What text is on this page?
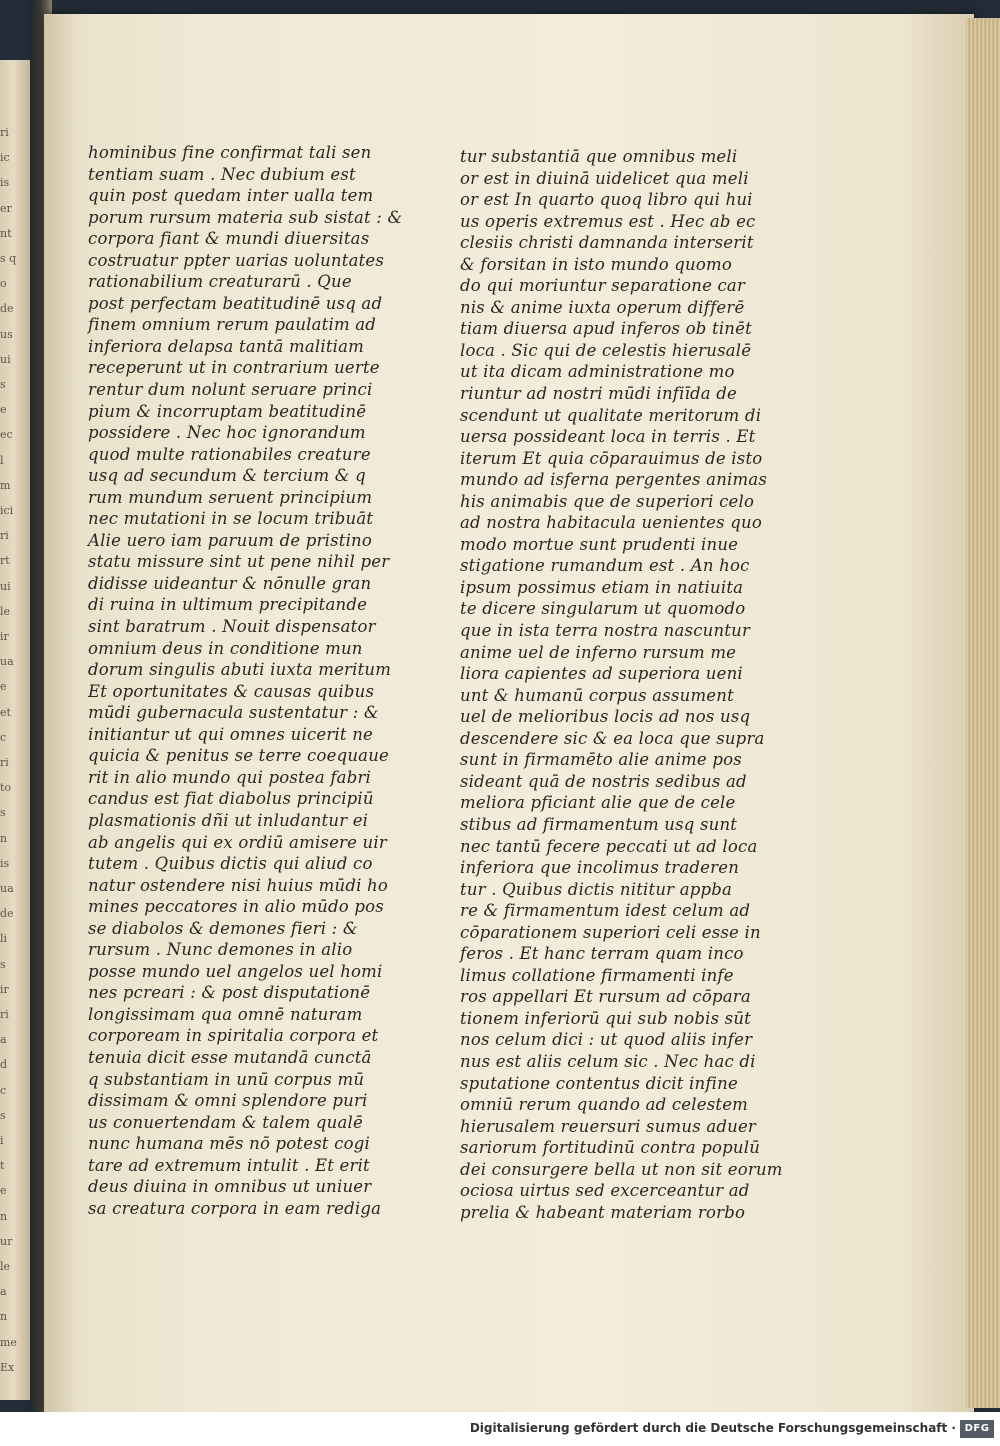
ri
ic
is
er
nt
s q
o
de
us
ui
s
e
ec
l
m
ici
ri
rt
ui
le
ir
ua
e
et
c
ri
to
s
n
is
ua
de
li
s
ir
ri
a
d
c
s
i
t
e
n
ur
le
a
n
me
Ex
hominibus fine confirmat tali sen
tentiam suam . Nec dubium est
quin post quedam inter ualla tem
porum rursum materia sub sistat : &
corpora fiant & mundi diuersitas
costruatur ppter uarias uoluntates
rationabilium creaturarū . Que
post perfectam beatitudinē usq ad
finem omnium rerum paulatim ad
inferiora delapsa tantā malitiam
receperunt ut in contrarium uerte
rentur dum nolunt seruare princi
pium & incorruptam beatitudinē
possidere . Nec hoc ignorandum
quod multe rationabiles creature
usq ad secundum & tercium & q
rum mundum seruent principium
nec mutationi in se locum tribuāt
Alie uero iam paruum de pristino
statu missure sint ut pene nihil per
didisse uideantur & nōnulle gran
di ruina in ultimum precipitande
sint baratrum . Nouit dispensator
omnium deus in conditione mun
dorum singulis abuti iuxta meritum
Et oportunitates & causas quibus
mūdi gubernacula sustentatur : &
initiantur ut qui omnes uicerit ne
quicia & penitus se terre coequaue
rit in alio mundo qui postea fabri
candus est fiat diabolus principiū
plasmationis dñi ut inludantur ei
ab angelis qui ex ordiū amisere uir
tutem . Quibus dictis qui aliud co
natur ostendere nisi huius mūdi ho
mines peccatores in alio mūdo pos
se diabolos & demones fieri : &
rursum . Nunc demones in alio
posse mundo uel angelos uel homi
nes pcreari : & post disputationē
longissimam qua omnē naturam
corpoream in spiritalia corpora et
tenuia dicit esse mutandā cunctā
q substantiam in unū corpus mū
dissimam & omni splendore puri
us conuertendam & talem qualē
nunc humana mēs nō potest cogi
tare ad extremum intulit . Et erit
deus diuina in omnibus ut uniuer
sa creatura corpora in eam rediga
tur substantiā que omnibus meli
or est in diuinā uidelicet qua meli
or est In quarto quoq libro qui hui
us operis extremus est . Hec ab ec
clesiis christi damnanda interserit
& forsitan in isto mundo quomo
do qui moriuntur separatione car
nis & anime iuxta operum differē
tiam diuersa apud inferos ob tinēt
loca . Sic qui de celestis hierusalē
ut ita dicam administratione mo
riuntur ad nostri mūdi infiīda de
scendunt ut qualitate meritorum di
uersa possideant loca in terris . Et
iterum Et quia cōparauimus de isto
mundo ad isferna pergentes animas
his animabis que de superiori celo
ad nostra habitacula uenientes quo
modo mortue sunt prudenti inue
stigatione rumandum est . An hoc
ipsum possimus etiam in natiuita
te dicere singularum ut quomodo
que in ista terra nostra nascuntur
anime uel de inferno rursum me
liora capientes ad superiora ueni
unt & humanū corpus assument
uel de melioribus locis ad nos usq
descendere sic & ea loca que supra
sunt in firmamēto alie anime pos
sideant quā de nostris sedibus ad
meliora pficiant alie que de cele
stibus ad firmamentum usq sunt
nec tantū fecere peccati ut ad loca
inferiora que incolimus traderen
tur . Quibus dictis nititur appba
re & firmamentum idest celum ad
cōparationem superiori celi esse in
feros . Et hanc terram quam inco
limus collatione firmamenti infe
ros appellari Et rursum ad cōpara
tionem inferiorū qui sub nobis sūt
nos celum dici : ut quod aliis infer
nus est aliis celum sic . Nec hac di
sputatione contentus dicit infine
omniū rerum quando ad celestem
hierusalem reuersuri sumus aduer
sariorum fortitudinū contra populū
dei consurgere bella ut non sit eorum
ociosa uirtus sed excerceantur ad
prelia & habeant materiam rorbo
Digitalisierung gefördert durch die Deutsche Forschungsgemeinschaft · DFG
